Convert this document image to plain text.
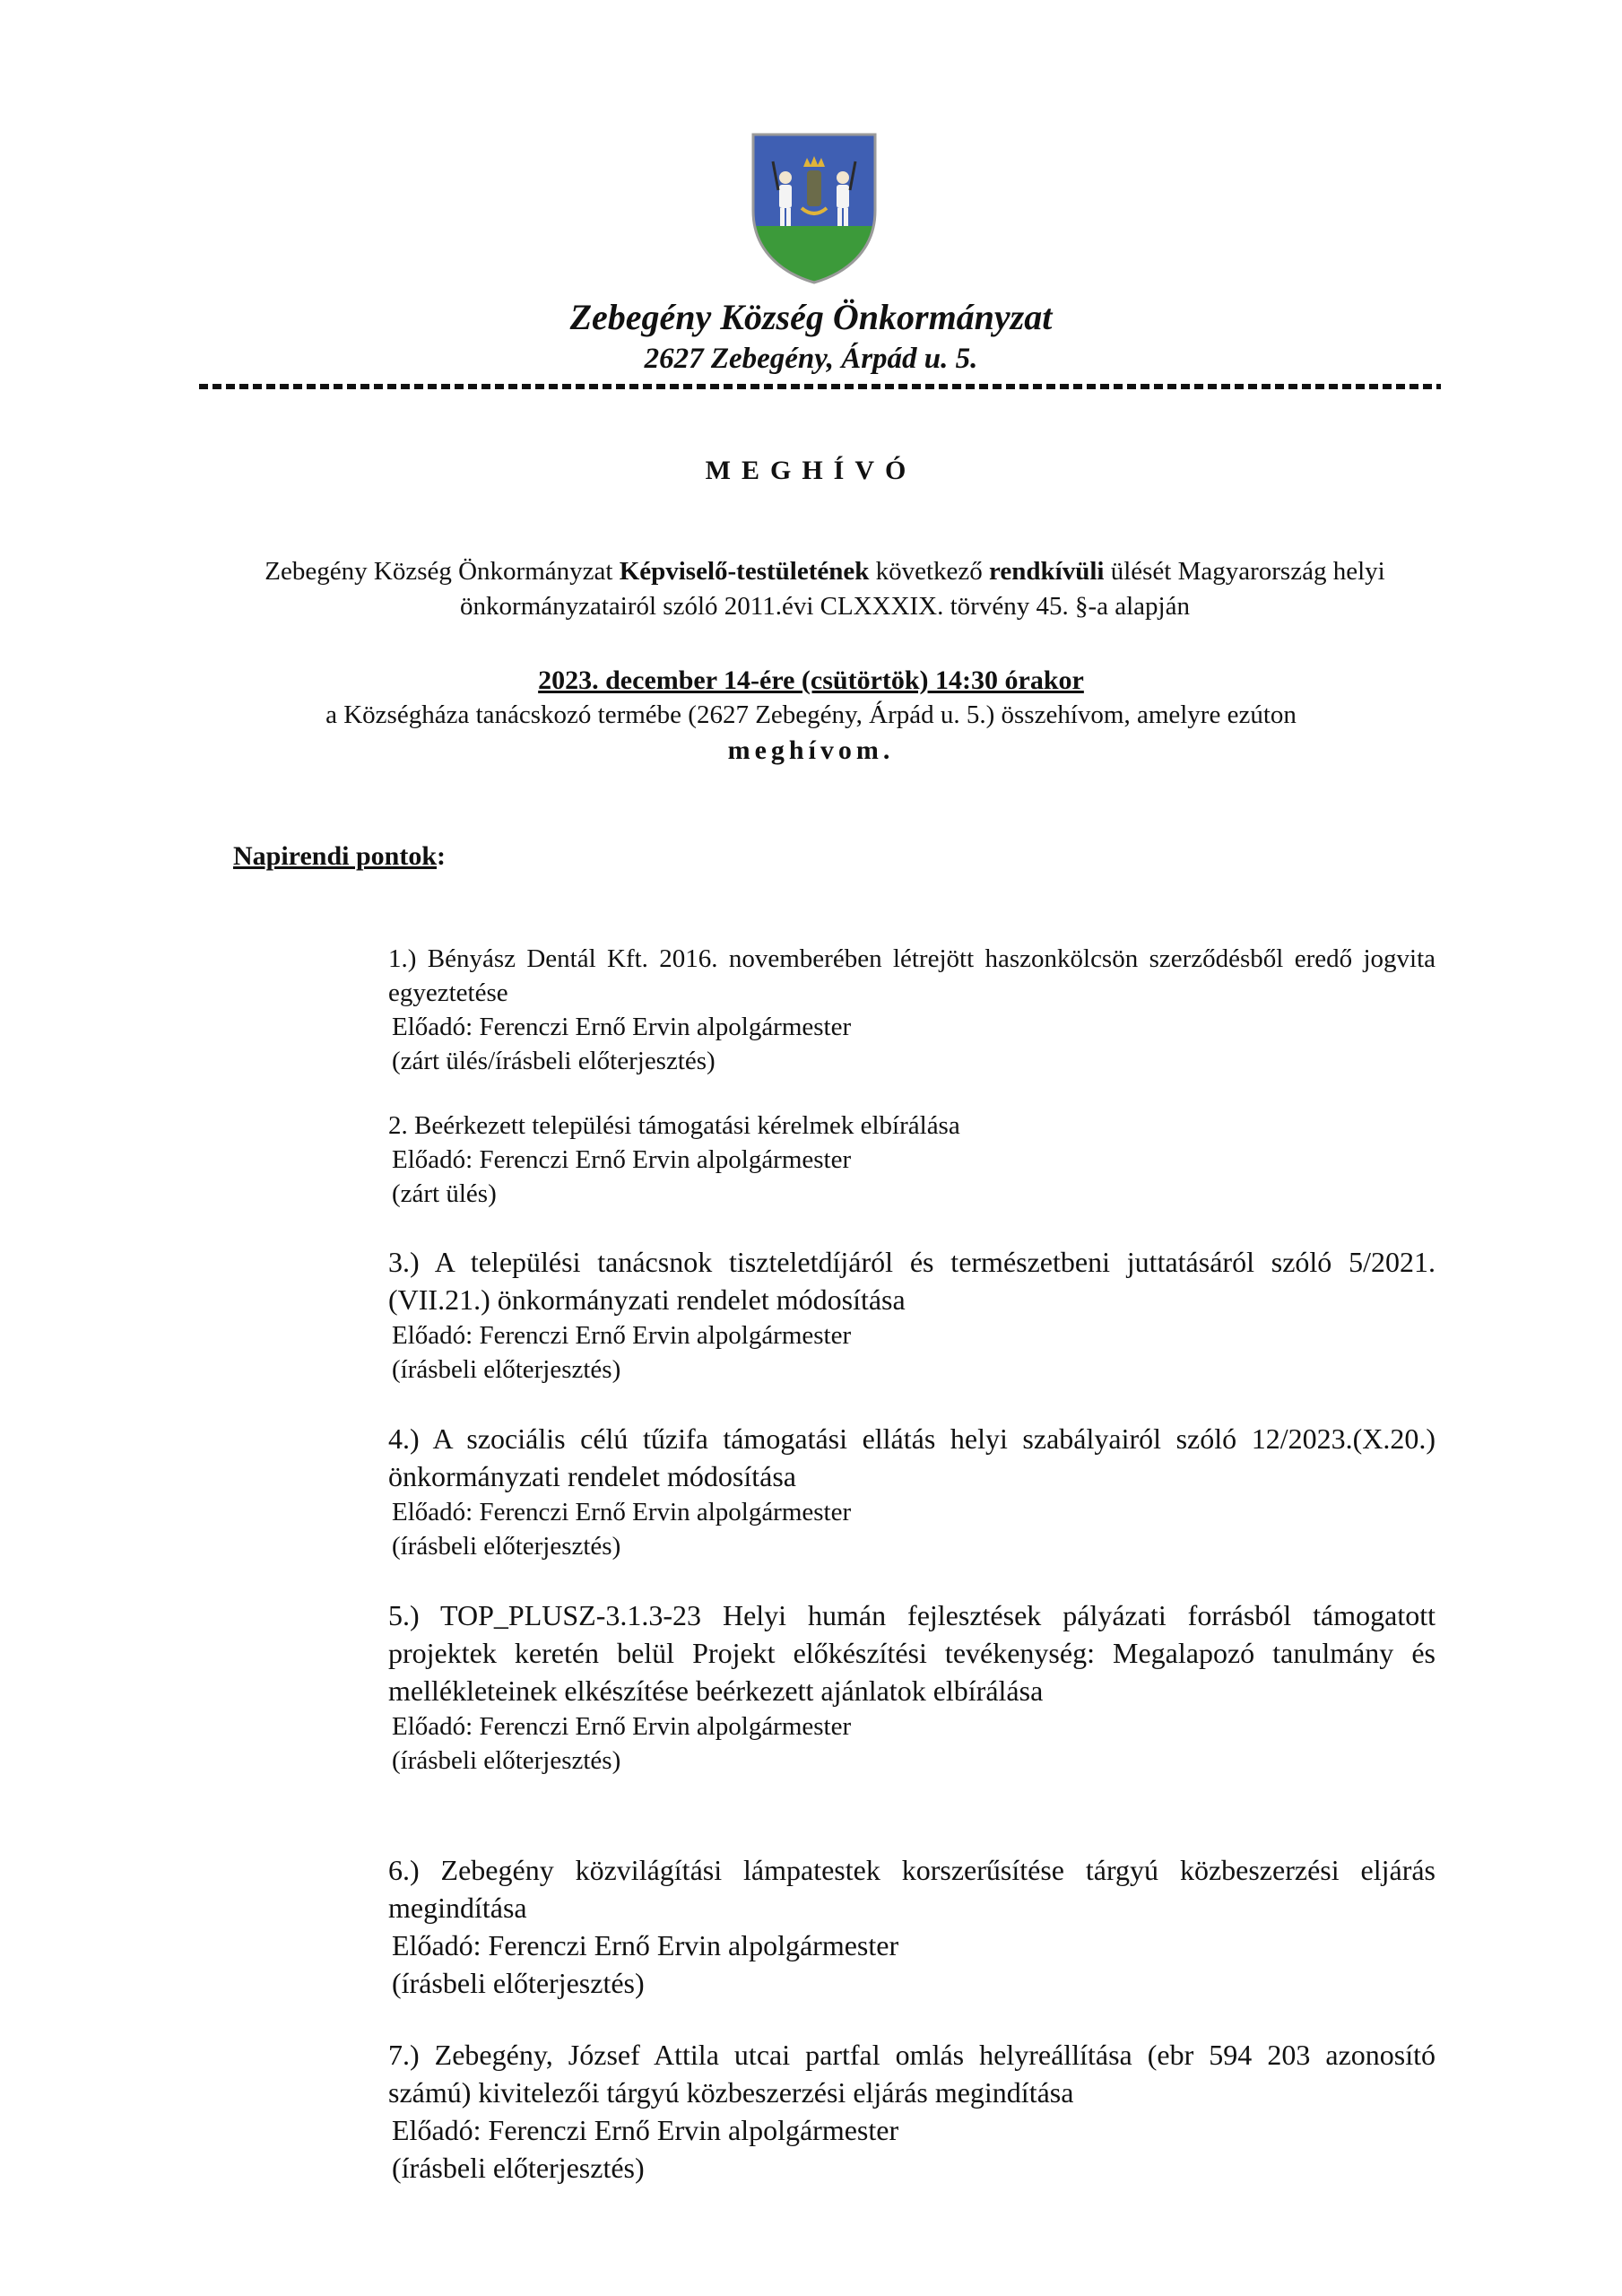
Zebegény Község Önkormányzat
2627 Zebegény, Árpád u. 5.
MEGHÍVÓ
Zebegény Község Önkormányzat Képviselő-testületének következő rendkívüli ülését Magyarország helyi önkormányzatairól szóló 2011.évi CLXXXIX. törvény 45. §-a alapján
2023. december 14-ére (csütörtök) 14:30 órakor
a Községháza tanácskozó termébe (2627 Zebegény, Árpád u. 5.) összehívom, amelyre ezúton
meghívom.
Napirendi pontok:
1.) Bényász Dentál Kft. 2016. novemberében létrejött haszonkölcsön szerződésből eredő jogvita egyeztetése
Előadó: Ferenczi Ernő Ervin alpolgármester
(zárt ülés/írásbeli előterjesztés)
2. Beérkezett települési támogatási kérelmek elbírálása
Előadó: Ferenczi Ernő Ervin alpolgármester
(zárt ülés)
3.) A települési tanácsnok tiszteletdíjáról és természetbeni juttatásáról szóló 5/2021.(VII.21.) önkormányzati rendelet módosítása
Előadó: Ferenczi Ernő Ervin alpolgármester
(írásbeli előterjesztés)
4.) A szociális célú tűzifa támogatási ellátás helyi szabályairól szóló 12/2023.(X.20.) önkormányzati rendelet módosítása
Előadó: Ferenczi Ernő Ervin alpolgármester
(írásbeli előterjesztés)
5.) TOP_PLUSZ-3.1.3-23 Helyi humán fejlesztések pályázati forrásból támogatott projektek keretén belül Projekt előkészítési tevékenység: Megalapozó tanulmány és mellékleteinek elkészítése beérkezett ajánlatok elbírálása
Előadó: Ferenczi Ernő Ervin alpolgármester
(írásbeli előterjesztés)
6.) Zebegény közvilágítási lámpatestek korszerűsítése tárgyú közbeszerzési eljárás megindítása
Előadó: Ferenczi Ernő Ervin alpolgármester
(írásbeli előterjesztés)
7.) Zebegény, József Attila utcai partfal omlás helyreállítása (ebr 594 203 azonosító számú) kivitelezői tárgyú közbeszerzési eljárás megindítása
Előadó: Ferenczi Ernő Ervin alpolgármester
(írásbeli előterjesztés)
